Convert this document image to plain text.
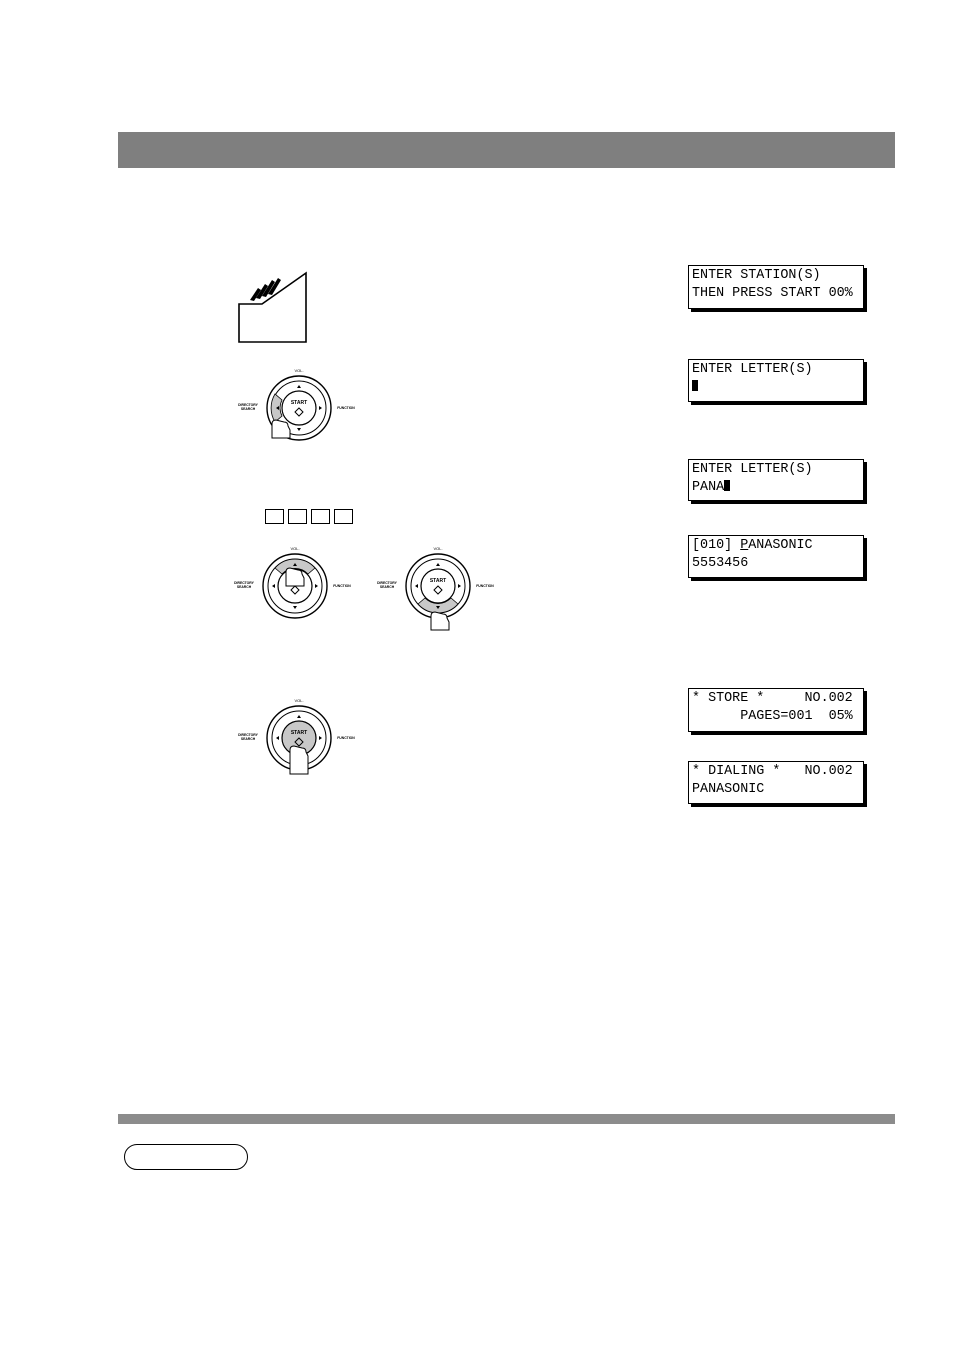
VOL.
START
DIRECTORY
SEARCH	FUNCTION
VOL.
DIRECTORY
SEARCH	FUNCTION
VOL.
START
DIRECTORY
SEARCH	FUNCTION
VOL.
START
DIRECTORY
SEARCH	FUNCTION
ENTER STATION(S)
THEN PRESS START 00%
ENTER LETTER(S)
ENTER LETTER(S)
PANA
[010] PANASONIC
5553456
* STORE *     NO.002
PAGES=001  05%
* DIALING *   NO.002
PANASONIC
